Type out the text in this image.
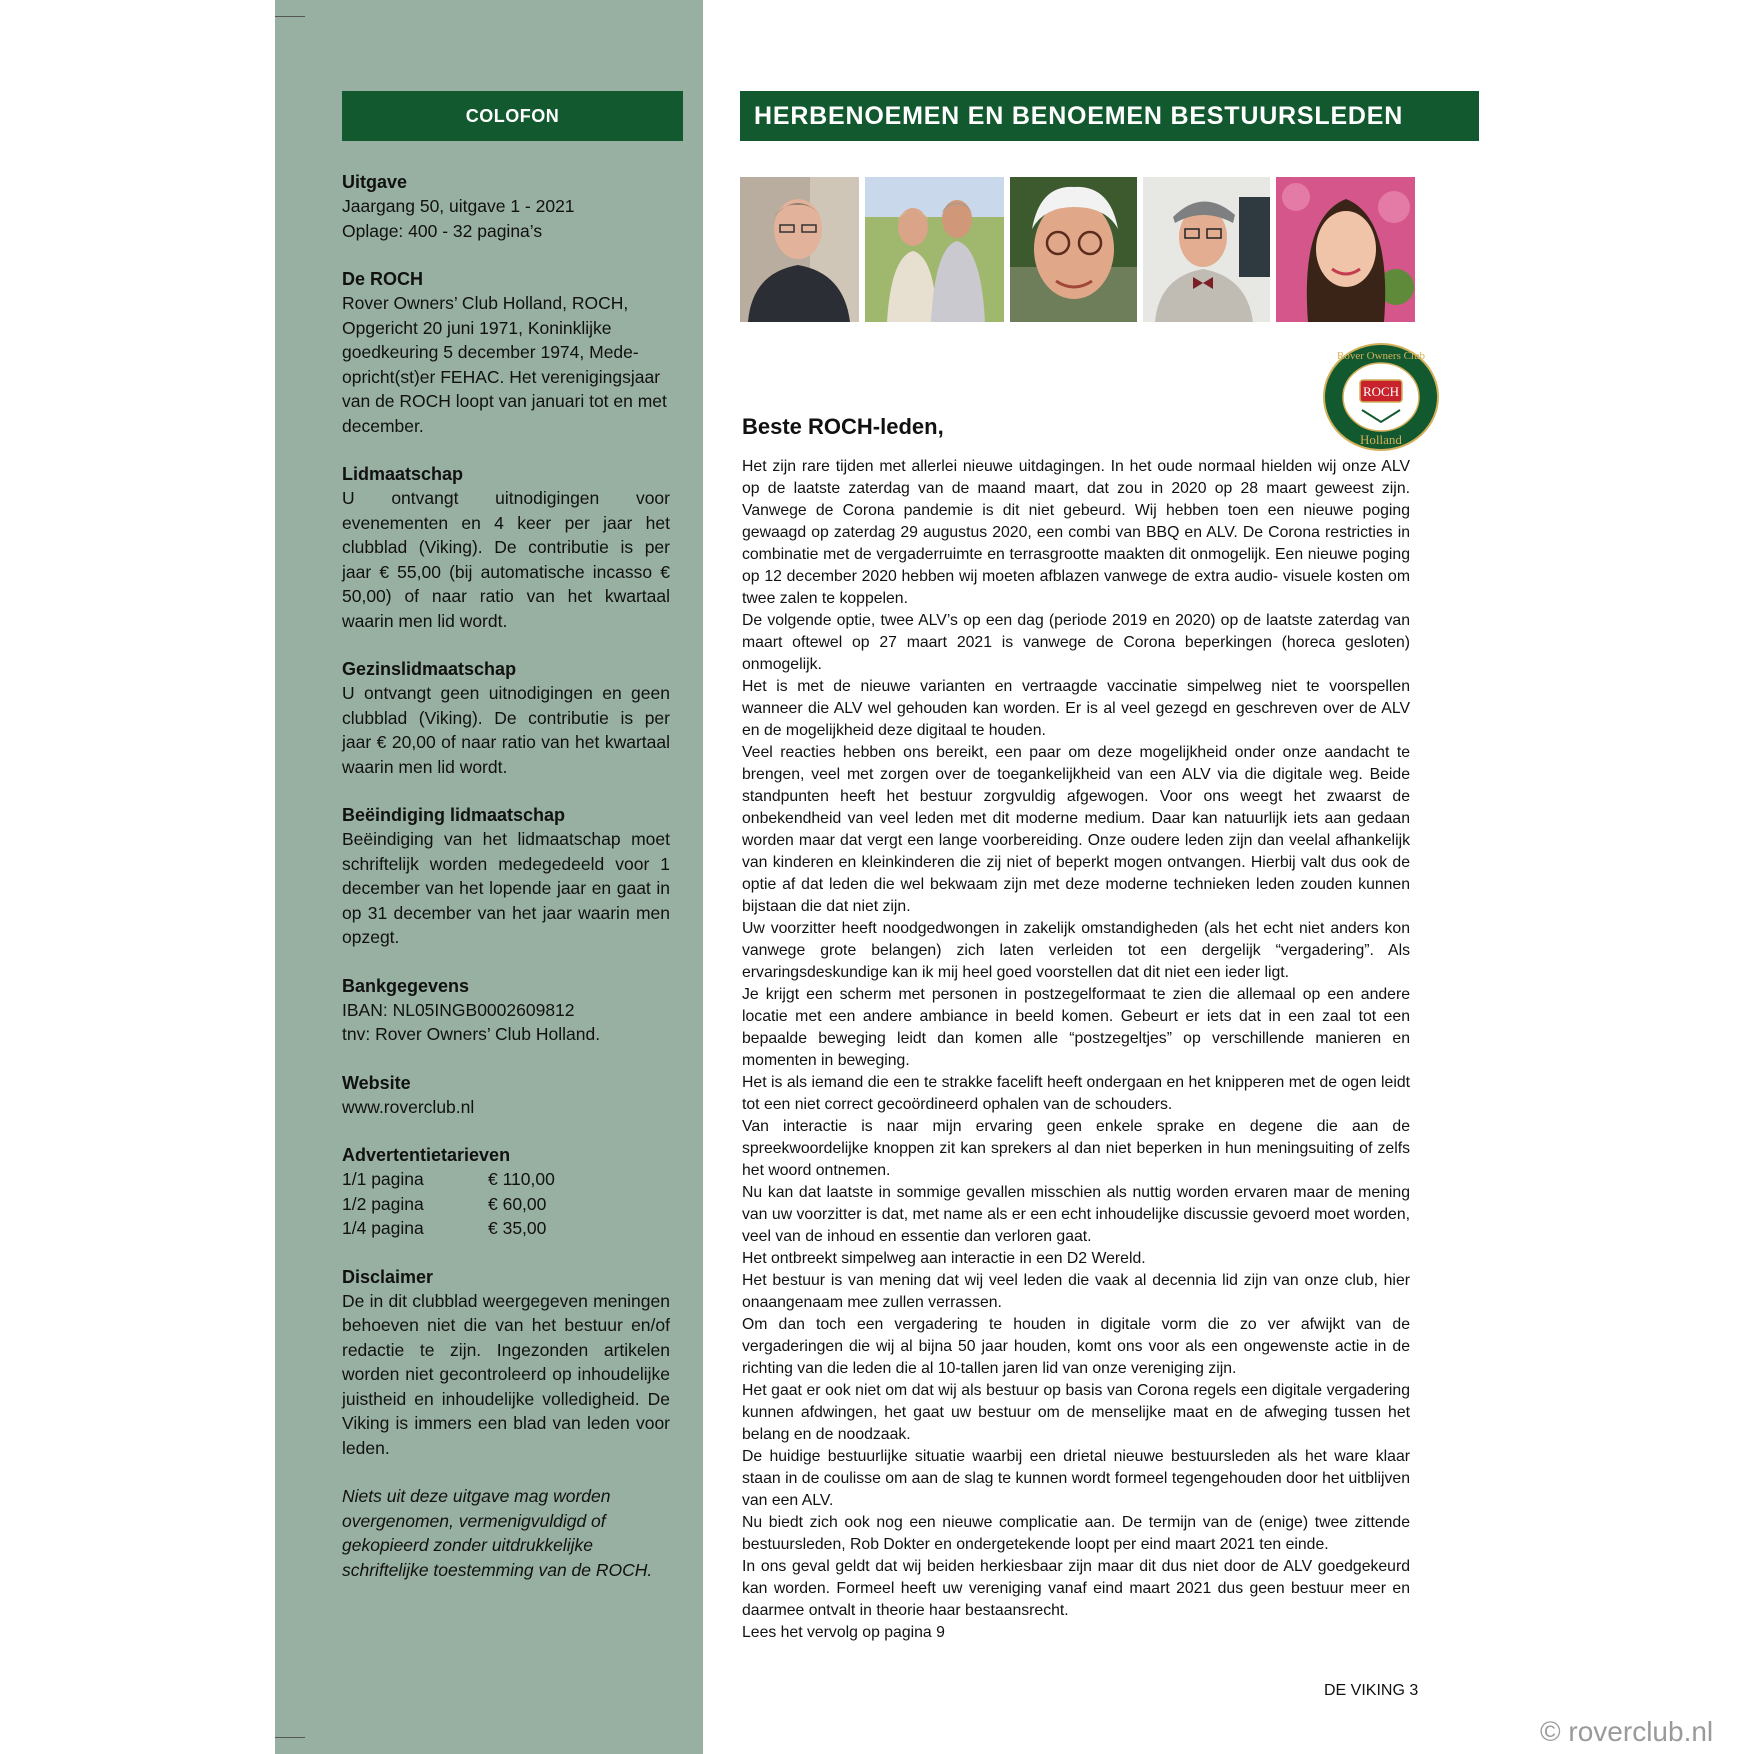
COLOFON
Uitgave

Jaargang 50, uitgave 1 - 2021

Oplage: 400 - 32 pagina’s

De ROCH

Rover Owners’ Club Holland, ROCH, Opgericht 20 juni 1971, Koninklijke goedkeuring 5 december 1974, Mede-opricht(st)er FEHAC. Het verenigingsjaar van de ROCH loopt van januari tot en met december.

Lidmaatschap

U ontvangt uitnodigingen voor evenementen en 4 keer per jaar het clubblad (Viking). De contributie is per jaar € 55,00 (bij automatische incasso € 50,00) of naar ratio van het kwartaal waarin men lid wordt.

Gezinslidmaatschap

U ontvangt geen uitnodigingen en geen clubblad (Viking). De contributie is per jaar € 20,00 of naar ratio van het kwartaal waarin men lid wordt.

Beëindiging lidmaatschap

Beëindiging van het lidmaatschap moet schriftelijk worden medegedeeld voor 1 december van het lopende jaar en gaat in op 31 december van het jaar waarin men opzegt.

Bankgegevens

IBAN: NL05INGB0002609812

tnv: Rover Owners’ Club Holland.

Website

www.roverclub.nl

Advertentietarieven
1/1 pagina	€ 110,00
1/2 pagina	€ 60,00
1/4 pagina	€ 35,00
Disclaimer

De in dit clubblad weergegeven meningen behoeven niet die van het bestuur en/of redactie te zijn. Ingezonden artikelen worden niet gecontroleerd op inhoudelijke juistheid en inhoudelijke volledigheid. De Viking is immers een blad van leden voor leden.

Niets uit deze uitgave mag worden overgenomen, vermenigvuldigd of gekopieerd zonder uitdrukkelijke schriftelijke toestemming van de ROCH.

HERBENOEMEN EN BENOEMEN BESTUURSLEDEN
ROCH
Rover Owners Club
Holland
Beste ROCH-leden,

Het zijn rare tijden met allerlei nieuwe uitdagingen. In het oude normaal hielden wij onze ALV op de laatste zaterdag van de maand maart, dat zou in 2020 op 28 maart geweest zijn. Vanwege de Corona pandemie is dit niet gebeurd. Wij hebben toen een nieuwe poging gewaagd op zaterdag 29 augustus 2020, een combi van BBQ en ALV. De Corona restricties in combinatie met de vergaderruimte en terrasgrootte maakten dit onmogelijk. Een nieuwe poging op 12 december 2020 hebben wij moeten afblazen vanwege de extra audio- visuele kosten om twee zalen te koppelen.

De volgende optie, twee ALV’s op een dag (periode 2019 en 2020) op de laatste zaterdag van maart oftewel op 27 maart 2021 is vanwege de Corona beperkingen (horeca gesloten) onmogelijk.

Het is met de nieuwe varianten en vertraagde vaccinatie simpelweg niet te voorspellen wanneer die ALV wel gehouden kan worden. Er is al veel gezegd en geschreven over de ALV en de mogelijkheid deze digitaal te houden.

Veel reacties hebben ons bereikt, een paar om deze mogelijkheid onder onze aandacht te brengen, veel met zorgen over de toegankelijkheid van een ALV via die digitale weg. Beide standpunten heeft het bestuur zorgvuldig afgewogen. Voor ons weegt het zwaarst de onbekendheid van veel leden met dit moderne medium. Daar kan natuurlijk iets aan gedaan worden maar dat vergt een lange voorbereiding. Onze oudere leden zijn dan veelal afhankelijk van kinderen en kleinkinderen die zij niet of beperkt mogen ontvangen. Hierbij valt dus ook de optie af dat leden die wel bekwaam zijn met deze moderne technieken leden zouden kunnen bijstaan die dat niet zijn.

Uw voorzitter heeft noodgedwongen in zakelijk omstandigheden (als het echt niet anders kon vanwege grote belangen) zich laten verleiden tot een dergelijk “vergadering”. Als ervaringsdeskundige kan ik mij heel goed voorstellen dat dit niet een ieder ligt.

Je krijgt een scherm met personen in postzegelformaat te zien die allemaal op een andere locatie met een andere ambiance in beeld komen. Gebeurt er iets dat in een zaal tot een bepaalde beweging leidt dan komen alle “postzegeltjes” op verschillende manieren en momenten in beweging.

Het is als iemand die een te strakke facelift heeft ondergaan en het knipperen met de ogen leidt tot een niet correct gecoördineerd ophalen van de schouders.

Van interactie is naar mijn ervaring geen enkele sprake en degene die aan de spreekwoordelijke knoppen zit kan sprekers al dan niet beperken in hun meningsuiting of zelfs het woord ontnemen.

Nu kan dat laatste in sommige gevallen misschien als nuttig worden ervaren maar de mening van uw voorzitter is dat, met name als er een echt inhoudelijke discussie gevoerd moet worden, veel van de inhoud en essentie dan verloren gaat.

Het ontbreekt simpelweg aan interactie in een D2 Wereld.

Het bestuur is van mening dat wij veel leden die vaak al decennia lid zijn van onze club, hier onaangenaam mee zullen verrassen.

Om dan toch een vergadering te houden in digitale vorm die zo ver afwijkt van de vergaderingen die wij al bijna 50 jaar houden, komt ons voor als een ongewenste actie in de richting van die leden die al 10-tallen jaren lid van onze vereniging zijn.

Het gaat er ook niet om dat wij als bestuur op basis van Corona regels een digitale vergadering kunnen afdwingen, het gaat uw bestuur om de menselijke maat en de afweging tussen het belang en de noodzaak.

De huidige bestuurlijke situatie waarbij een drietal nieuwe bestuursleden als het ware klaar staan in de coulisse om aan de slag te kunnen wordt formeel tegengehouden door het uitblijven van een ALV.

Nu biedt zich ook nog een nieuwe complicatie aan. De termijn van de (enige) twee zittende bestuursleden, Rob Dokter en ondergetekende loopt per eind maart 2021 ten einde.

In ons geval geldt dat wij beiden herkiesbaar zijn maar dit dus niet door de ALV goedgekeurd kan worden. Formeel heeft uw vereniging vanaf eind maart 2021 dus geen bestuur meer en daarmee ontvalt in theorie haar bestaansrecht.

Lees het vervolg op pagina 9

DE VIKING 3
© roverclub.nl
